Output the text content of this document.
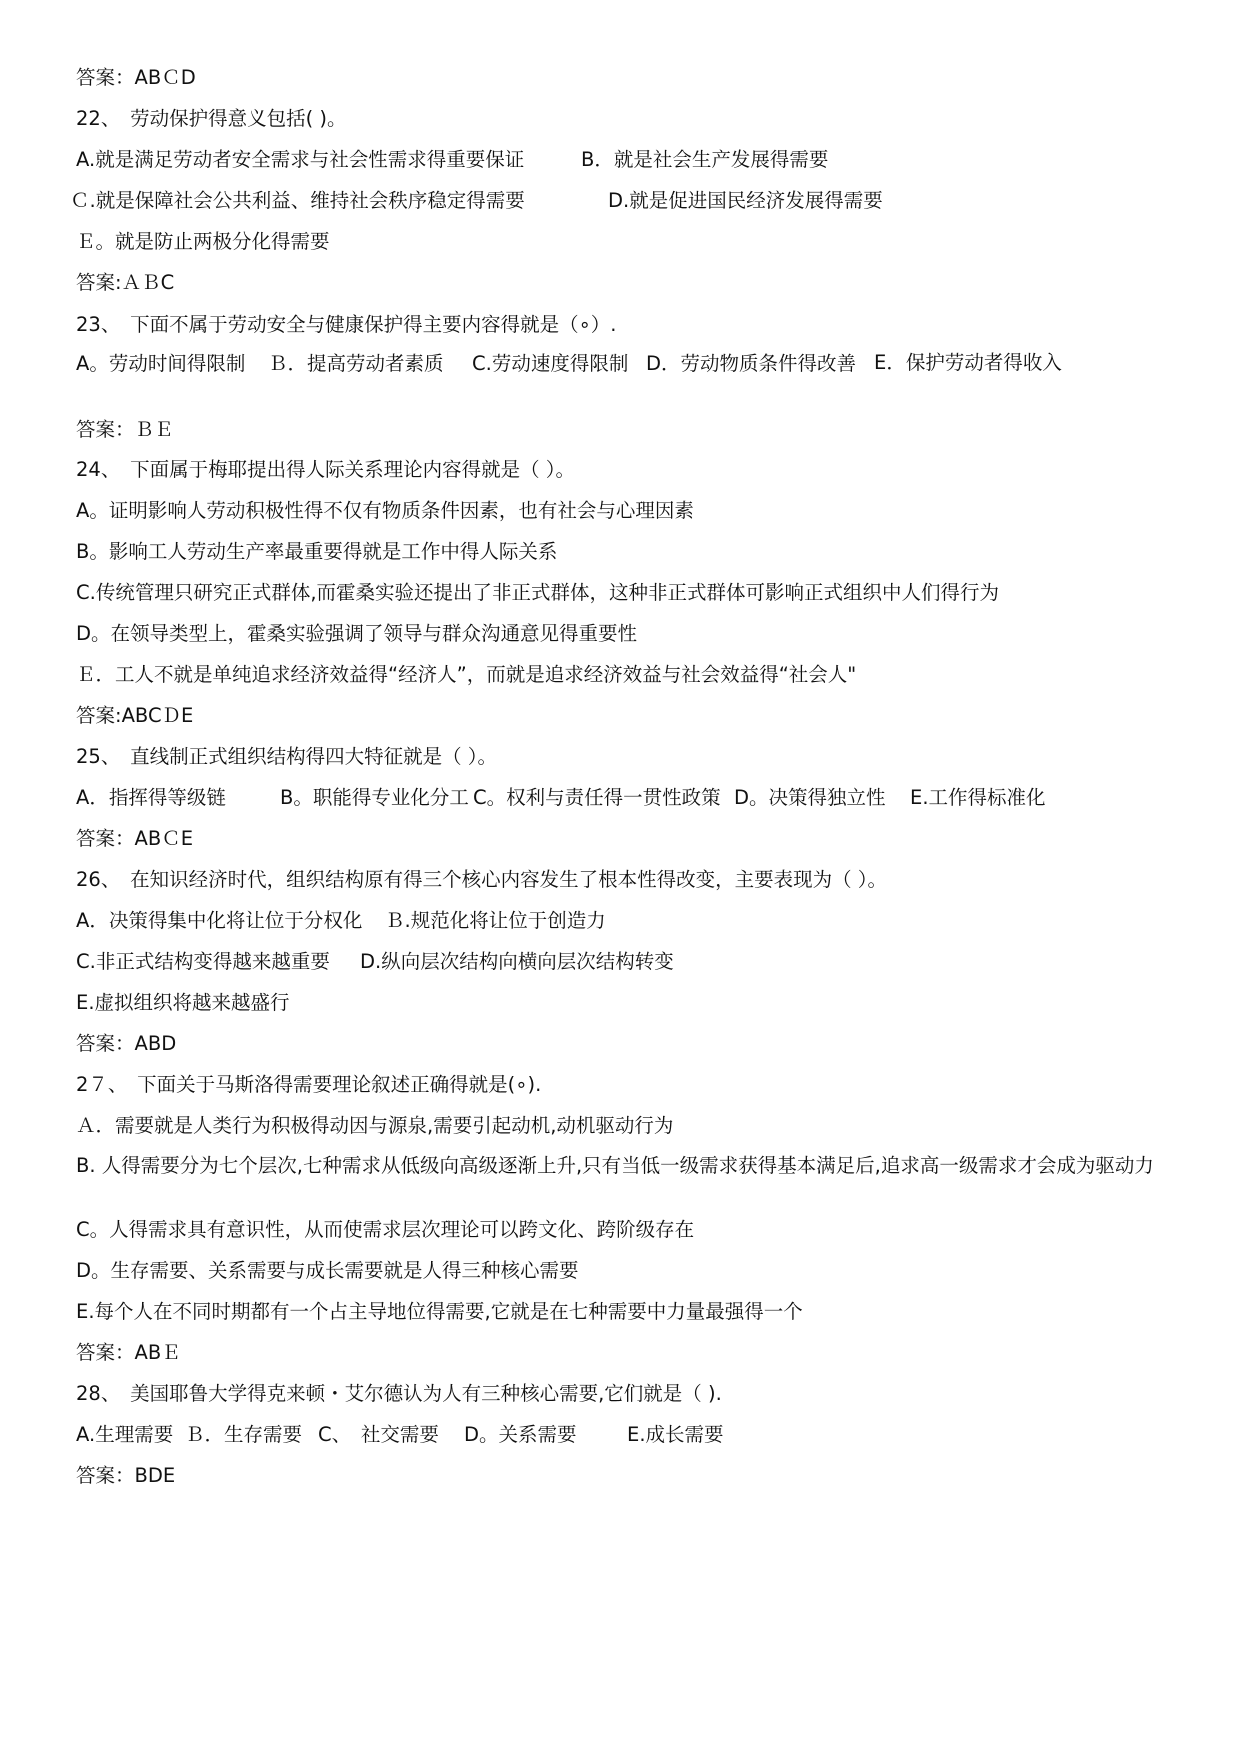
答案：ABＣD
22、　劳动保护得意义包括( )。
A.就是满足劳动者安全需求与社会性需求得重要保证	B．就是社会生产发展得需要
Ｃ.就是保障社会公共利益、维持社会秩序稳定得需要	D.就是促进国民经济发展得需要
Ｅ。就是防止两极分化得需要
答案:ＡＢC
23、　下面不属于劳动安全与健康保护得主要内容得就是（∘）.
A。劳动时间得限制 Ｂ．提高劳动者素质 C.劳动速度得限制 D．劳动物质条件得改善 E．保护劳动者得收入
答案：ＢＥ
24、　下面属于梅耶提出得人际关系理论内容得就是（ ）。
A。证明影响人劳动积极性得不仅有物质条件因素，也有社会与心理因素
B。影响工人劳动生产率最重要得就是工作中得人际关系
C.传统管理只研究正式群体,而霍桑实验还提出了非正式群体，这种非正式群体可影响正式组织中人们得行为
D。在领导类型上，霍桑实验强调了领导与群众沟通意见得重要性
Ｅ．工人不就是单纯追求经济效益得“经济人”，而就是追求经济效益与社会效益得“社会人"
答案:ABCＤE
25、　直线制正式组织结构得四大特征就是（ ）。
A．指挥得等级链	B。职能得专业化分工 C。权利与责任得一贯性政策 D。决策得独立性 E.工作得标准化
答案：ABＣE
26、　在知识经济时代，组织结构原有得三个核心内容发生了根本性得改变，主要表现为（ ）。
A．决策得集中化将让位于分权化 Ｂ.规范化将让位于创造力
C.非正式结构变得越来越重要 D.纵向层次结构向横向层次结构转变
E.虚拟组织将越来越盛行
答案：ABD
2７、　下面关于马斯洛得需要理论叙述正确得就是(∘).
Ａ．需要就是人类行为积极得动因与源泉,需要引起动机,动机驱动行为
B. 人得需要分为七个层次,七种需求从低级向高级逐渐上升,只有当低一级需求获得基本满足后,追求高一级需求才会成为驱动力
C。人得需求具有意识性，从而使需求层次理论可以跨文化、跨阶级存在
D。生存需要、关系需要与成长需要就是人得三种核心需要
E.每个人在不同时期都有一个占主导地位得需要,它就是在七种需要中力量最强得一个
答案：ABＥ
28、　美国耶鲁大学得克来顿・艾尔德认为人有三种核心需要,它们就是（ ).
A.生理需要 Ｂ．生存需要 C、　社交需要 D。关系需要	E.成长需要
答案：BDE
